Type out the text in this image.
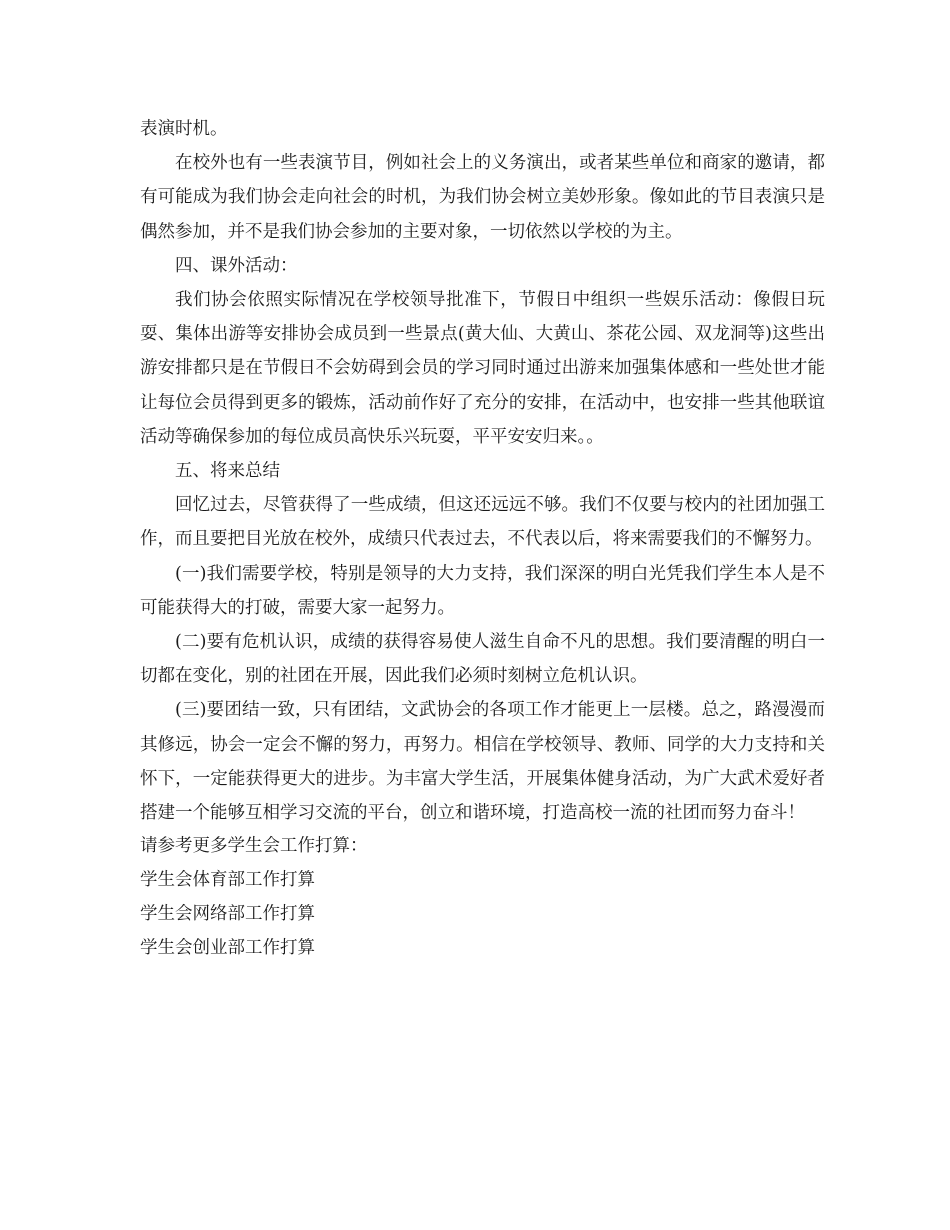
表演时机。

在校外也有一些表演节目，例如社会上的义务演出，或者某些单位和商家的邀请，都有可能成为我们协会走向社会的时机，为我们协会树立美妙形象。像如此的节目表演只是偶然参加，并不是我们协会参加的主要对象，一切依然以学校的为主。

四、课外活动：

我们协会依照实际情况在学校领导批准下，节假日中组织一些娱乐活动：像假日玩耍、集体出游等安排协会成员到一些景点(黄大仙、大黄山、茶花公园、双龙洞等)这些出游安排都只是在节假日不会妨碍到会员的学习同时通过出游来加强集体感和一些处世才能让每位会员得到更多的锻炼，活动前作好了充分的安排，在活动中，也安排一些其他联谊活动等确保参加的每位成员高快乐兴玩耍，平平安安归来。。

五、将来总结

回忆过去，尽管获得了一些成绩，但这还远远不够。我们不仅要与校内的社团加强工作，而且要把目光放在校外，成绩只代表过去，不代表以后，将来需要我们的不懈努力。

(一)我们需要学校，特别是领导的大力支持，我们深深的明白光凭我们学生本人是不可能获得大的打破，需要大家一起努力。

(二)要有危机认识，成绩的获得容易使人滋生自命不凡的思想。我们要清醒的明白一切都在变化，别的社团在开展，因此我们必须时刻树立危机认识。

(三)要团结一致，只有团结，文武协会的各项工作才能更上一层楼。总之，路漫漫而其修远，协会一定会不懈的努力，再努力。相信在学校领导、教师、同学的大力支持和关怀下，一定能获得更大的进步。为丰富大学生活，开展集体健身活动，为广大武术爱好者搭建一个能够互相学习交流的平台，创立和谐环境，打造高校一流的社团而努力奋斗！

请参考更多学生会工作打算：

学生会体育部工作打算

学生会网络部工作打算

学生会创业部工作打算
